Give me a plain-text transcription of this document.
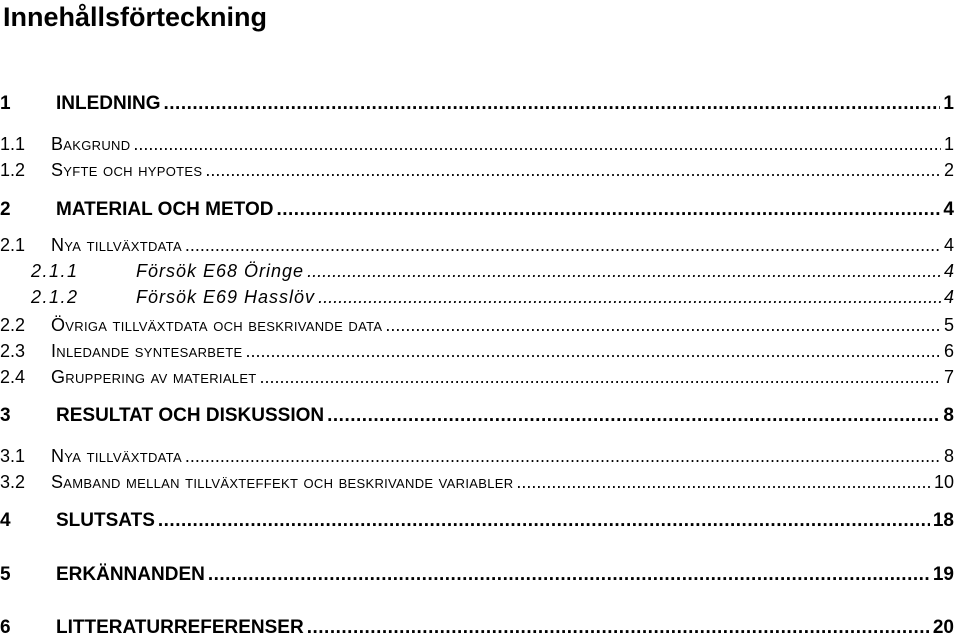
Innehållsförteckning
1	INLEDNING .....	1
1.1	Bakgrund .....	1
1.2	Syfte och hypotes .....	2
2	MATERIAL OCH METOD .....	4
2.1	Nya tillväxtdata .....	4
2.1.1	Försök E68 Öringe .....	4
2.1.2	Försök E69 Hasslöv .....	4
2.2	Övriga tillväxtdata och beskrivande data .....	5
2.3	Inledande syntesarbete .....	6
2.4	Gruppering av materialet .....	7
3	RESULTAT OCH DISKUSSION .....	8
3.1	Nya tillväxtdata .....	8
3.2	Samband mellan tillväxteffekt och beskrivande variabler .....	10
4	SLUTSATS .....	18
5	ERKÄNNANDEN .....	19
6	LITTERATURREFERENSER .....	20
